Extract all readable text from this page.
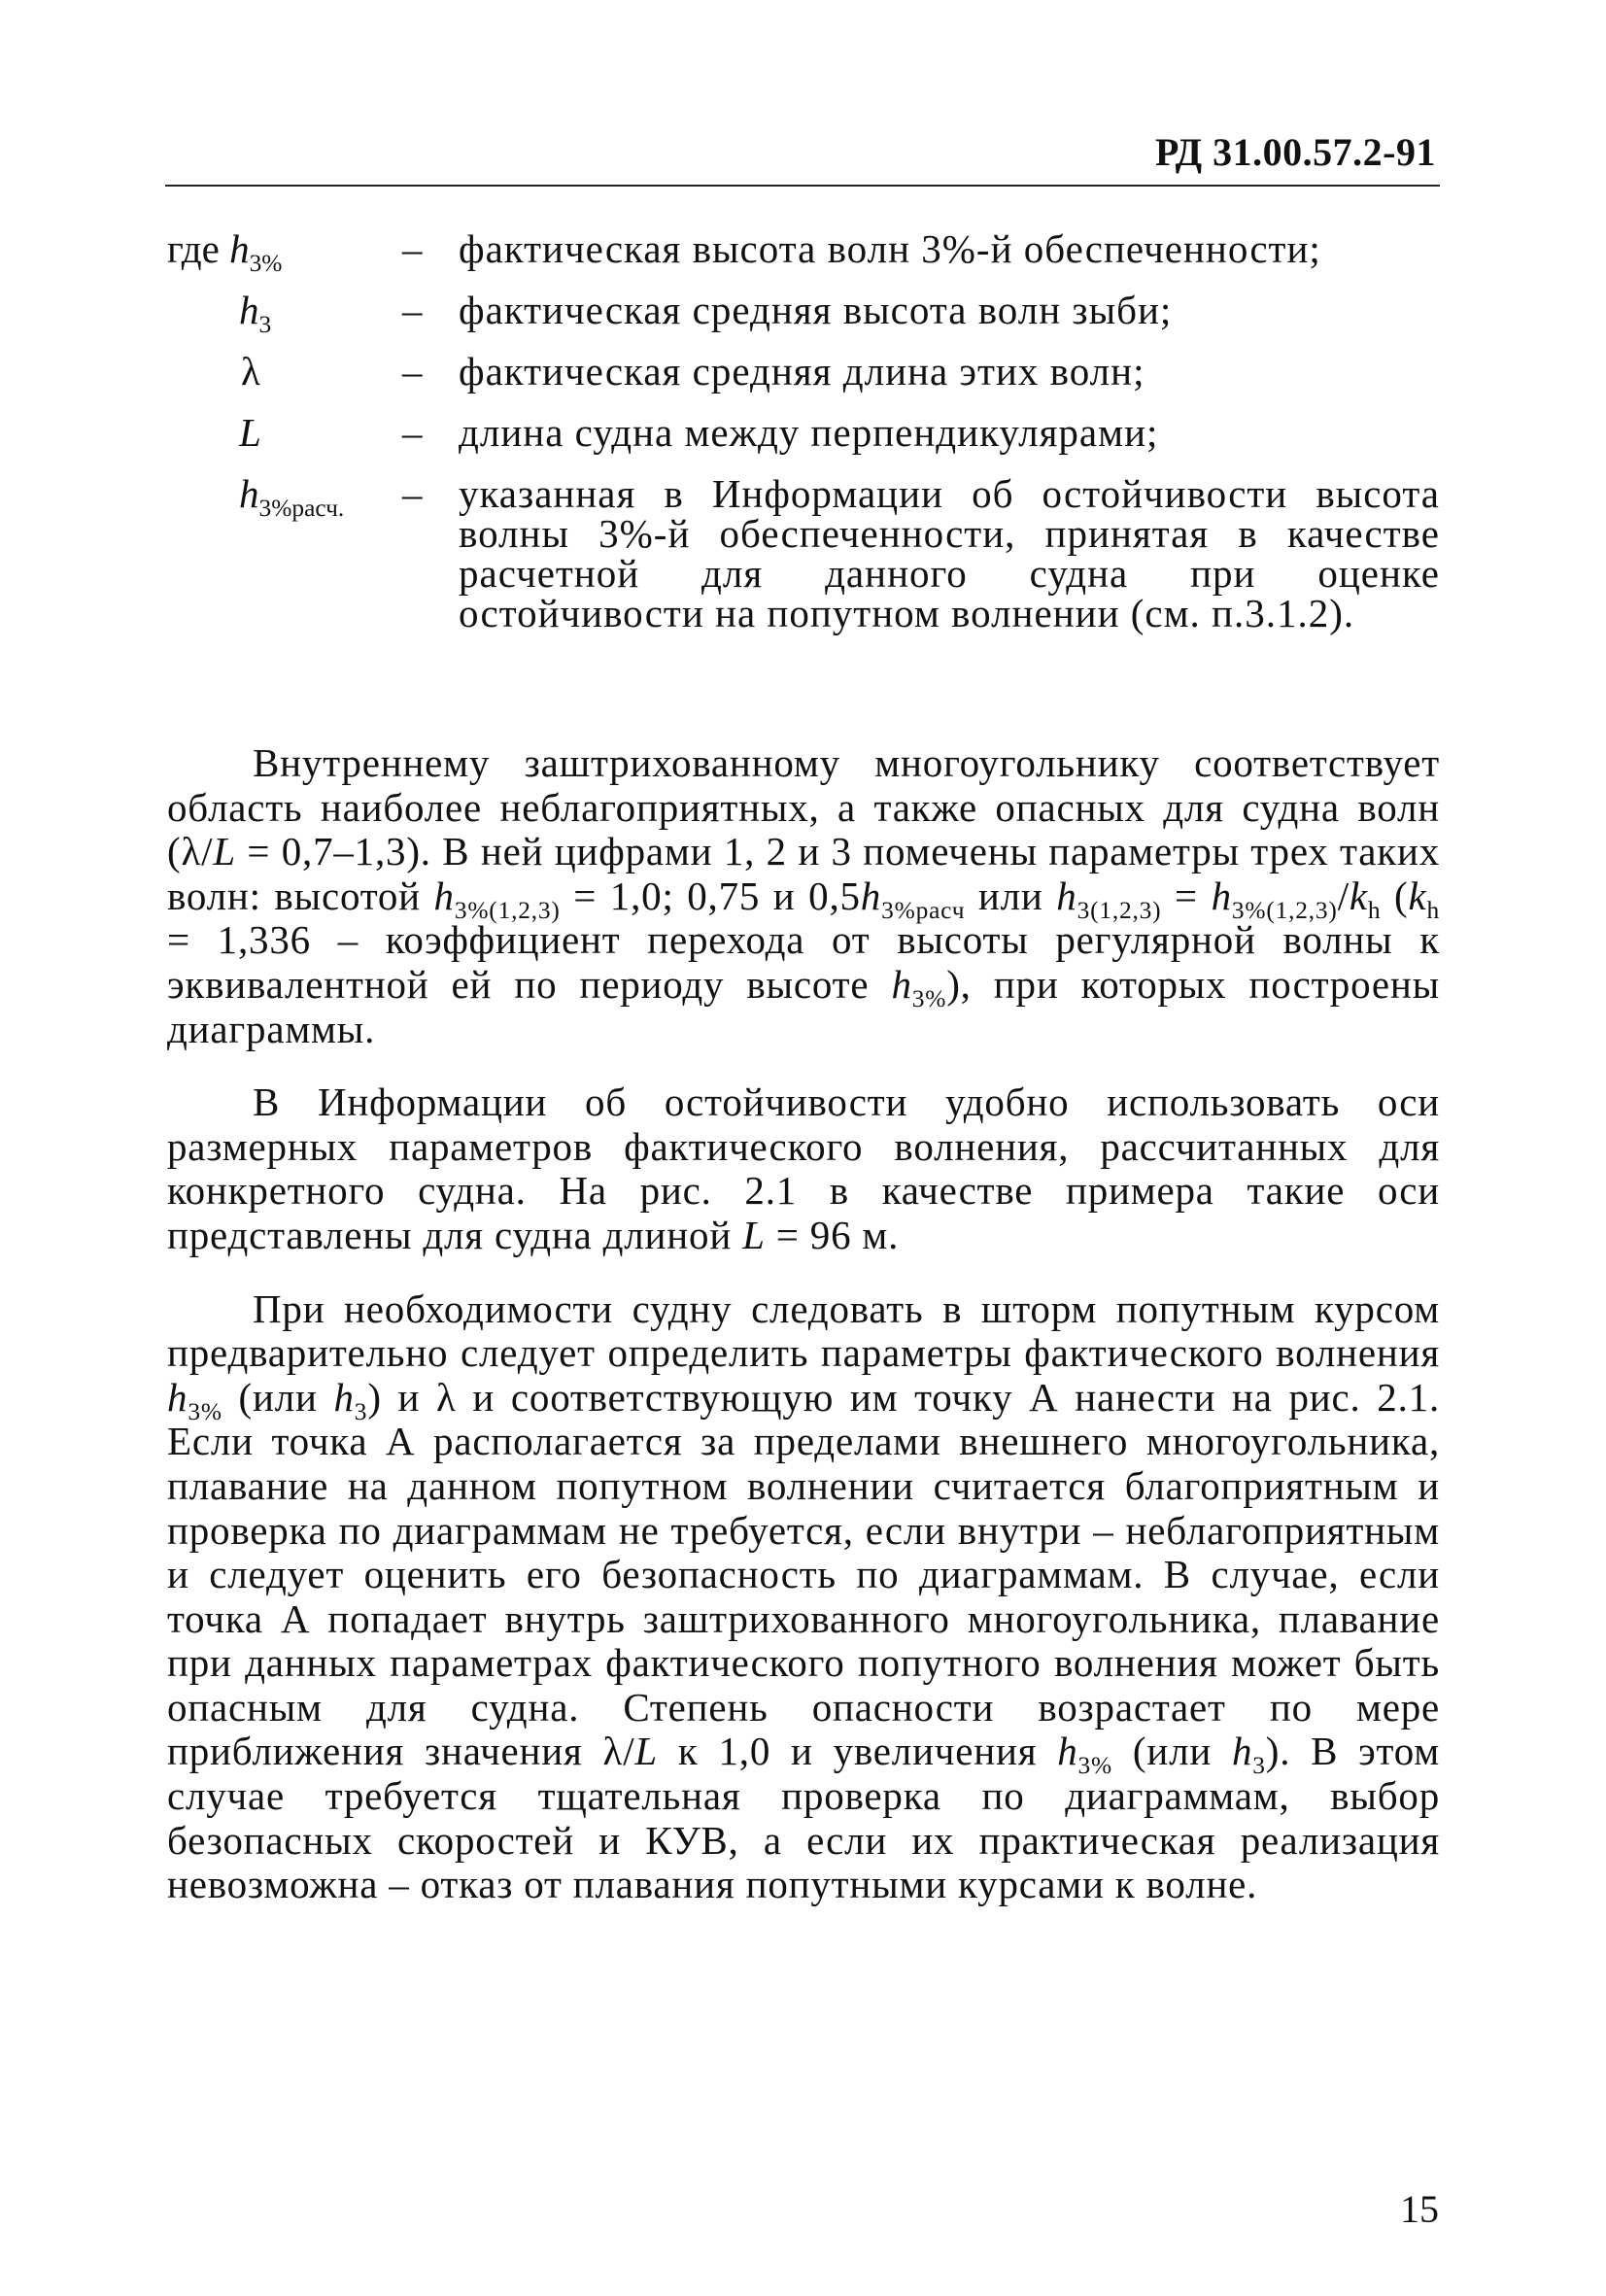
РД 31.00.57.2-91
где $h_{3\%}$	– фактическая высота волн 3%-й обеспеченности;
$h_3$	– фактическая средняя высота волн зыби;
λ	– фактическая средняя длина этих волн;
L	– длина судна между перпендикулярами;
$h_{3\%расч.}$	– указанная в Информации об остойчивости высота волны 3%-й обеспеченности, принятая в качестве расчетной для данного судна при оценке остойчивости на попутном волнении (см. п.3.1.2).

Внутреннему заштрихованному многоугольнику соответствует область наиболее неблагоприятных, а также опасных для судна волн (λ/L = 0,7–1,3). В ней цифрами 1, 2 и 3 помечены параметры трех таких волн: высотой $h_{3\%(1,2,3)} = 1,0$; 0,75 и $0,5h_{3\%расч}$ или $h_{3(1,2,3)} = h_{3\%(1,2,3)}/k_h$ ($k_h = 1,336$ – коэффициент перехода от высоты регулярной волны к эквивалентной ей по периоду высоте $h_{3\%}$), при которых построены диаграммы.

В Информации об остойчивости удобно использовать оси размерных параметров фактического волнения, рассчитанных для конкретного судна. На рис. 2.1 в качестве примера такие оси представлены для судна длиной L = 96 м.

При необходимости судну следовать в шторм попутным курсом предварительно следует определить параметры фактического волнения $h_{3\%}$ (или $h_3$) и λ и соответствующую им точку А нанести на рис. 2.1. Если точка А располагается за пределами внешнего многоугольника, плавание на данном попутном волнении считается благоприятным и проверка по диаграммам не требуется, если внутри – неблагоприятным и следует оценить его безопасность по диаграммам. В случае, если точка А попадает внутрь заштрихованного многоугольника, плавание при данных параметрах фактического попутного волнения может быть опасным для судна. Степень опасности возрастает по мере приближения значения λ/L к 1,0 и увеличения $h_{3\%}$ (или $h_3$). В этом случае требуется тщательная проверка по диаграммам, выбор безопасных скоростей и КУВ, а если их практическая реализация невозможна – отказ от плавания попутными курсами к волне.

15
